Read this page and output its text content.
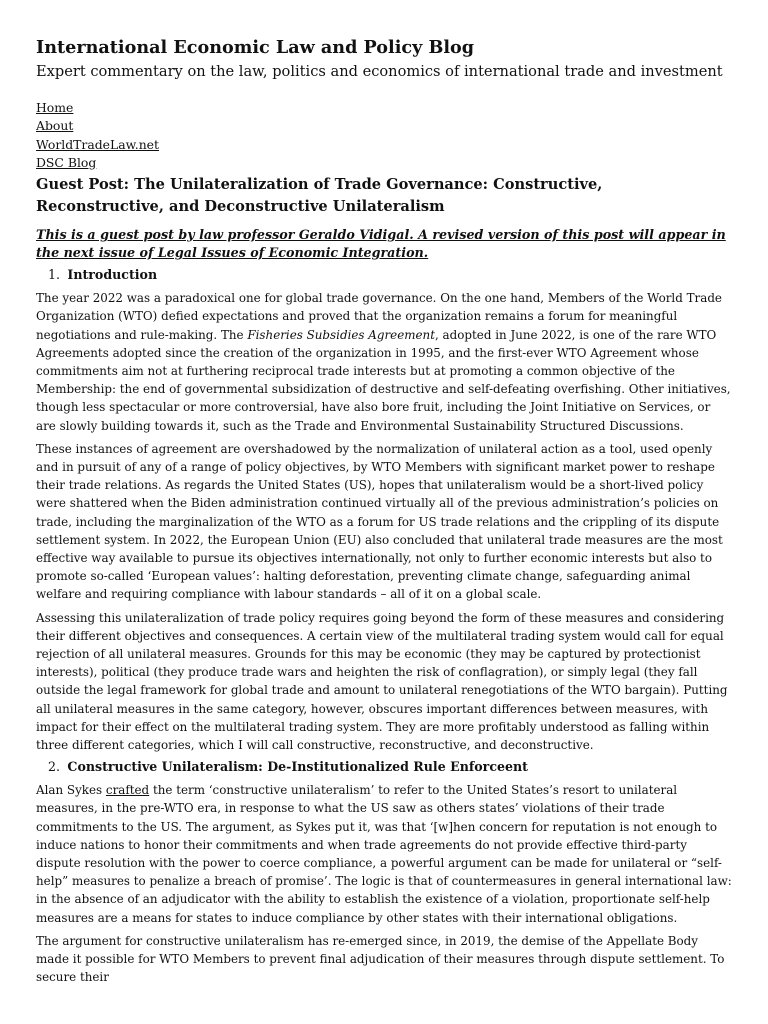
International Economic Law and Policy Blog
Expert commentary on the law, politics and economics of international trade and investment
Home
About
WorldTradeLaw.net
DSC Blog
Guest Post: The Unilateralization of Trade Governance: Constructive, Reconstructive, and Deconstructive Unilateralism

This is a guest post by law professor Geraldo Vidigal. A revised version of this post will appear in the next issue of Legal Issues of Economic Integration.

1. Introduction

The year 2022 was a paradoxical one for global trade governance. On the one hand, Members of the World Trade Organization (WTO) defied expectations and proved that the organization remains a forum for meaningful negotiations and rule-making. The Fisheries Subsidies Agreement, adopted in June 2022, is one of the rare WTO Agreements adopted since the creation of the organization in 1995, and the first-ever WTO Agreement whose commitments aim not at furthering reciprocal trade interests but at promoting a common objective of the Membership: the end of governmental subsidization of destructive and self-defeating overfishing. Other initiatives, though less spectacular or more controversial, have also bore fruit, including the Joint Initiative on Services, or are slowly building towards it, such as the Trade and Environmental Sustainability Structured Discussions.

These instances of agreement are overshadowed by the normalization of unilateral action as a tool, used openly and in pursuit of any of a range of policy objectives, by WTO Members with significant market power to reshape their trade relations. As regards the United States (US), hopes that unilateralism would be a short-lived policy were shattered when the Biden administration continued virtually all of the previous administration’s policies on trade, including the marginalization of the WTO as a forum for US trade relations and the crippling of its dispute settlement system. In 2022, the European Union (EU) also concluded that unilateral trade measures are the most effective way available to pursue its objectives internationally, not only to further economic interests but also to promote so-called ‘European values’: halting deforestation, preventing climate change, safeguarding animal welfare and requiring compliance with labour standards – all of it on a global scale.

Assessing this unilateralization of trade policy requires going beyond the form of these measures and considering their different objectives and consequences. A certain view of the multilateral trading system would call for equal rejection of all unilateral measures. Grounds for this may be economic (they may be captured by protectionist interests), political (they produce trade wars and heighten the risk of conflagration), or simply legal (they fall outside the legal framework for global trade and amount to unilateral renegotiations of the WTO bargain). Putting all unilateral measures in the same category, however, obscures important differences between measures, with impact for their effect on the multilateral trading system. They are more profitably understood as falling within three different categories, which I will call constructive, reconstructive, and deconstructive.

2. Constructive Unilateralism: De-Institutionalized Rule Enforceent

Alan Sykes crafted the term ‘constructive unilateralism’ to refer to the United States’s resort to unilateral measures, in the pre-WTO era, in response to what the US saw as others states’ violations of their trade commitments to the US. The argument, as Sykes put it, was that ‘[w]hen concern for reputation is not enough to induce nations to honor their commitments and when trade agreements do not provide effective third-party dispute resolution with the power to coerce compliance, a powerful argument can be made for unilateral or “self-help” measures to penalize a breach of promise’. The logic is that of countermeasures in general international law: in the absence of an adjudicator with the ability to establish the existence of a violation, proportionate self-help measures are a means for states to induce compliance by other states with their international obligations.

The argument for constructive unilateralism has re-emerged since, in 2019, the demise of the Appellate Body made it possible for WTO Members to prevent final adjudication of their measures through dispute settlement. To secure their
